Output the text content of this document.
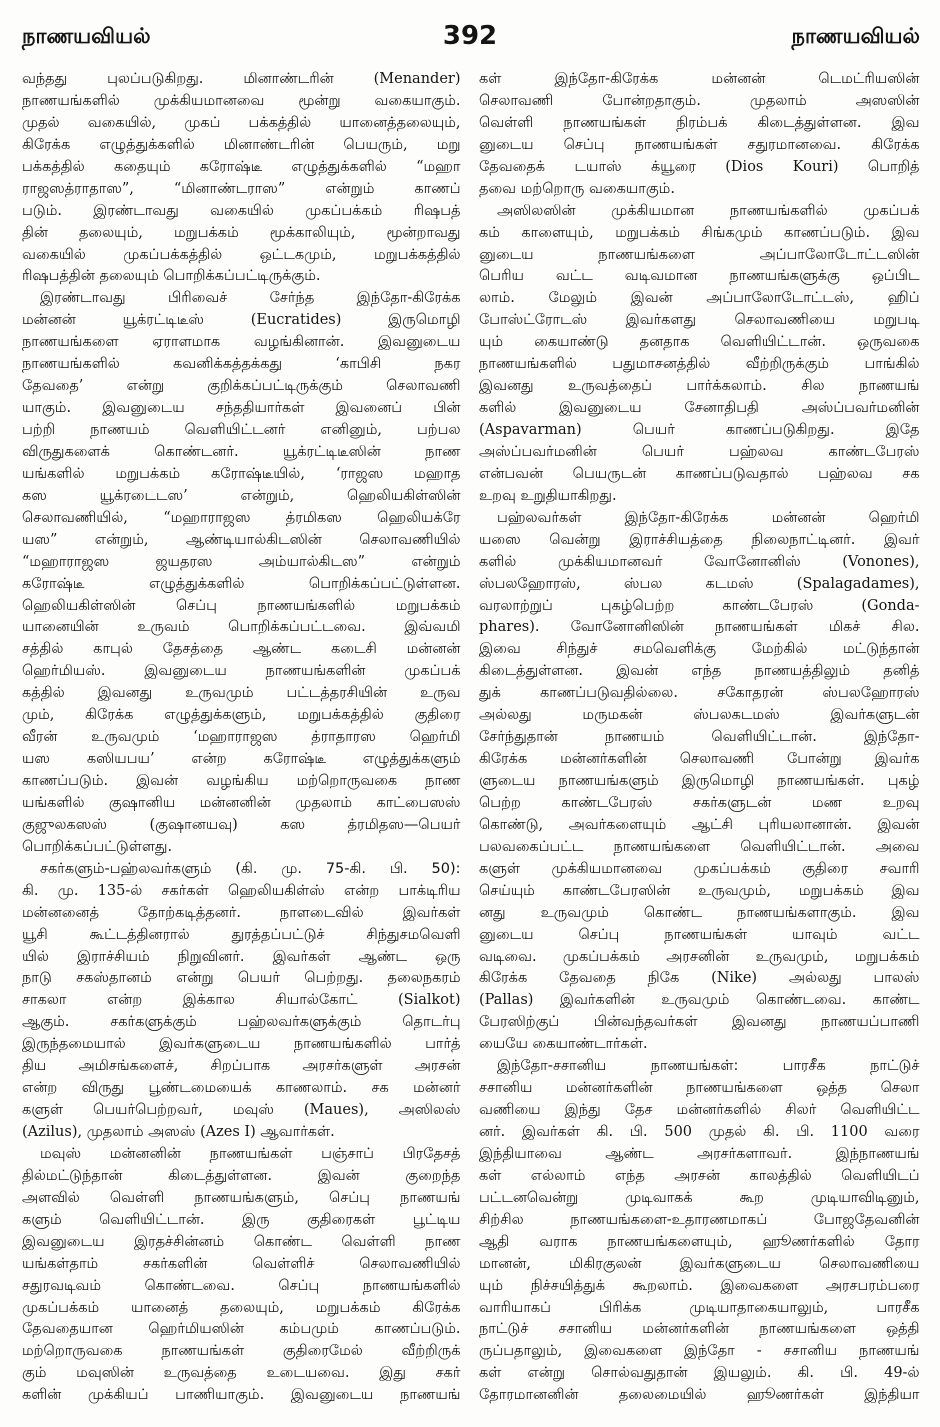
நாணயவியல்	392	நாணயவியல்
வந்தது புலப்படுகிறது. மினாண்டரின் (Menander)
நாணயங்களில் முக்கியமானவை மூன்று வகையாகும்.
முதல் வகையில், முகப் பக்கத்தில் யானைத்தலையும்,
கிரேக்க எழுத்துக்களில் மினாண்டரின் பெயரும், மறு
பக்கத்தில் கதையும் கரோஷ்டீ எழுத்துக்களில் “மஹா
ராஜஸத்ராதாஸ”, “மினாண்டராஸ” என்றும் காணப்
படும். இரண்டாவது வகையில் முகப்பக்கம் ரிஷபத்
தின் தலையும், மறுபக்கம் மூக்காலியும், மூன்றாவது
வகையில் முகப்பக்கத்தில் ஒட்டகமும், மறுபக்கத்தில்
ரிஷபத்தின் தலையும் பொறிக்கப்பட்டிருக்கும்.
இரண்டாவது பிரிவைச் சேர்ந்த இந்தோ-கிரேக்க
மன்னன் யூக்ரட்டிடீஸ் (Eucratides) இருமொழி
நாணயங்களை ஏராளமாக வழங்கினான். இவனுடைய
நாணயங்களில் கவனிக்கத்தக்கது ‘காபிசி நகர
தேவதை’ என்று குறிக்கப்பட்டிருக்கும் செலாவணி
யாகும். இவனுடைய சந்ததியார்கள் இவனைப் பின்
பற்றி நாணயம் வெளியிட்டனர் எனினும், பற்பல
விருதுகளைக் கொண்டனர். யூக்ரட்டிடீஸின் நாண
யங்களில் மறுபக்கம் கரோஷ்டீயில், ‘ராஜஸ மஹாத
கஸ யூக்ரடைடஸ’ என்றும், ஹெலியகிள்ஸின்
செலாவணியில், “மஹாராஜஸ த்ரமிகஸ ஹெலியக்ரே
யஸ” என்றும், ஆண்டியால்கிடஸின் செலாவணியில்
“மஹாராஜஸ ஜயதரஸ அம்யால்கிடஸ” என்றும்
கரோஷ்டீ எழுத்துக்களில் பொறிக்கப்பட்டுள்ளன.
ஹெலியகிள்ஸின் செப்பு நாணயங்களில் மறுபக்கம்
யானையின் உருவம் பொறிக்கப்பட்டவை. இவ்வமி
சத்தில் காபுல் தேசத்தை ஆண்ட கடைசி மன்னன்
ஹெர்மியஸ். இவனுடைய நாணயங்களின் முகப்பக்
கத்தில் இவனது உருவமும் பட்டத்தரசியின் உருவ
மும், கிரேக்க எழுத்துக்களும், மறுபக்கத்தில் குதிரை
வீரன் உருவமும் ‘மஹாராஜஸ த்ராதாரஸ ஹெர்மி
யஸ கஸியபய’ என்ற கரோஷ்டீ எழுத்துக்களும்
காணப்படும். இவன் வழங்கிய மற்றொருவகை நாண
யங்களில் குஷானிய மன்னனின் முதலாம் காட்பைஸஸ்
குஜுலகஸஸ் (குஷானயவு) கஸ த்ரமிதஸ—பெயர்
பொறிக்கப்பட்டுள்ளது.
சகர்களும்-பஹ்லவர்களும் (கி. மு. 75-கி. பி. 50):
கி. மு. 135-ல் சகர்கள் ஹெலியகிள்ஸ் என்ற பாக்டிரிய
மன்னனைத் தோற்கடித்தனர். நாளடைவில் இவர்கள்
யூசி கூட்டத்தினரால் துரத்தப்பட்டுச் சிந்துசமவெளி
யில் இராச்சியம் நிறுவினர். இவர்கள் ஆண்ட ஒரு
நாடு சகஸ்தானம் என்று பெயர் பெற்றது. தலைநகரம்
சாகலா என்ற இக்கால சியால்கோட் (Sialkot)
ஆகும். சகர்களுக்கும் பஹ்லவர்களுக்கும் தொடர்பு
இருந்தமையால் இவர்களுடைய நாணயங்களில் பார்த்
திய அமிசங்களைச், சிறப்பாக அரசர்களுள் அரசன்
என்ற விருது பூண்டமையைக் காணலாம். சக மன்னர்
களுள் பெயர்பெற்றவர், மவுஸ் (Maues), அஸிலஸ்
(Azilus), முதலாம் அஸஸ் (Azes I) ஆவார்கள்.
மவுஸ் மன்னனின் நாணயங்கள் பஞ்சாப் பிரதேசத்
தில்மட்டுந்தான் கிடைத்துள்ளன. இவன் குறைந்த
அளவில் வெள்ளி நாணயங்களும், செப்பு நாணயங்
களும் வெளியிட்டான். இரு குதிரைகள் பூட்டிய
இவனுடைய இரதச்சின்னம் கொண்ட வெள்ளி நாண
யங்கள்தாம் சகர்களின் வெள்ளிச் செலாவணியில்
சதுரவடிவம் கொண்டவை. செப்பு நாணயங்களில்
முகப்பக்கம் யானைத் தலையும், மறுபக்கம் கிரேக்க
தேவதையான ஹெர்மியஸின் கம்பமும் காணப்படும்.
மற்றொருவகை நாணயங்கள் குதிரைமேல் வீற்றிருக்
கும் மவுஸின் உருவத்தை உடையவை. இது சகர்
களின் முக்கியப் பாணியாகும். இவனுடைய நாணயங்
கள் இந்தோ-கிரேக்க மன்னன் டெமட்ரியஸின்
செலாவணி போன்றதாகும். முதலாம் அஸஸின்
வெள்ளி நாணயங்கள் நிரம்பக் கிடைத்துள்ளன. இவ
னுடைய செப்பு நாணயங்கள் சதுரமானவை. கிரேக்க
தேவதைக் டயாஸ் க்யூரை (Dios Kouri) பொறித்
தவை மற்றொரு வகையாகும்.
அஸிலஸின் முக்கியமான நாணயங்களில் முகப்பக்
கம் காளையும், மறுபக்கம் சிங்கமும் காணப்படும். இவ
னுடைய நாணயங்களை அப்பாலோடோட்டஸின்
பெரிய வட்ட வடிவமான நாணயங்களுக்கு ஒப்பிட
லாம். மேலும் இவன் அப்பாலோடோட்டஸ், ஹிப்
போஸ்ட்ரோடஸ் இவர்களது செலாவணியை மறுபடி
யும் கையாண்டு தனதாக வெளியிட்டான். ஒருவகை
நாணயங்களில் பதுமாசனத்தில் வீற்றிருக்கும் பாங்கில்
இவனது உருவத்தைப் பார்க்கலாம். சில நாணயங்
களில் இவனுடைய சேனாதிபதி அஸ்ப்பவர்மனின்
(Aspavarman) பெயர் காணப்படுகிறது. இதே
அஸ்ப்பவர்மனின் பெயர் பஹ்லவ காண்டபேரஸ்
என்பவன் பெயருடன் காணப்படுவதால் பஹ்லவ சக
உறவு உறுதியாகிறது.
பஹ்லவர்கள் இந்தோ-கிரேக்க மன்னன் ஹெர்மி
யஸை வென்று இராச்சியத்தை நிலைநாட்டினர். இவர்
களில் முக்கியமானவர் வோனோனிஸ் (Vonones),
ஸ்பலஹோரஸ், ஸ்பல கடமஸ் (Spalagadames),
வரலாற்றுப் புகழ்பெற்ற காண்டபேரஸ் (Gonda-
phares). வோனோனிஸின் நாணயங்கள் மிகச் சில.
இவை சிந்துச் சமவெளிக்கு மேற்கில் மட்டுந்தான்
கிடைத்துள்ளன. இவன் எந்த நாணயத்திலும் தனித்
துக் காணப்படுவதில்லை. சகோதரன் ஸ்பலஹோரஸ்
அல்லது மருமகன் ஸ்பலகடமஸ் இவர்களுடன்
சேர்ந்துதான் நாணயம் வெளியிட்டான். இந்தோ-
கிரேக்க மன்னர்களின் செலாவணி போன்று இவர்க
ளுடைய நாணயங்களும் இருமொழி நாணயங்கள். புகழ்
பெற்ற காண்டபேரஸ் சகர்களுடன் மண உறவு
கொண்டு, அவர்களையும் ஆட்சி புரியலானான். இவன்
பலவகைப்பட்ட நாணயங்களை வெளியிட்டான். அவை
களுள் முக்கியமானவை முகப்பக்கம் குதிரை சவாரி
செய்யும் காண்டபேரஸின் உருவமும், மறுபக்கம் இவ
னது உருவமும் கொண்ட நாணயங்களாகும். இவ
னுடைய செப்பு நாணயங்கள் யாவும் வட்ட
வடிவை. முகப்பக்கம் அரசனின் உருவமும், மறுபக்கம்
கிரேக்க தேவதை நிகே (Nike) அல்லது பாலஸ்
(Pallas) இவர்களின் உருவமும் கொண்டவை. காண்ட
பேரஸிற்குப் பின்வந்தவர்கள் இவனது நாணயப்பாணி
யையே கையாண்டார்கள்.
இந்தோ-சசானிய நாணயங்கள்:	பாரசீக நாட்டுச்
சசானிய மன்னர்களின் நாணயங்களை ஒத்த செலா
வணியை இந்து தேச மன்னர்களில் சிலர் வெளியிட்ட
னர். இவர்கள் கி. பி. 500 முதல் கி. பி. 1100 வரை
இந்தியாவை ஆண்ட அரசர்களாவர். இந்நாணயங்
கள் எல்லாம் எந்த அரசன் காலத்தில் வெளியிடப்
பட்டனவென்று முடிவாகக் கூற முடியாவிடினும்,
சிற்சில நாணயங்களை-உதாரணமாகப் போஜதேவனின்
ஆதி வராக நாணயங்களையும், ஹூணர்களில் தோர
மானன், மிகிரகுலன் இவர்களுடைய செலாவணியை
யும் நிச்சயித்துக் கூறலாம். இவைகளை அரசபரம்பரை
வாரியாகப் பிரிக்க முடியாதாகையாலும், பாரசீக
நாட்டுச் சசானிய மன்னர்களின் நாணயங்களை ஒத்தி
ருப்பதாலும், இவைகளை இந்தோ - சசானிய நாணயங்
கள் என்று சொல்வதுதான் இயலும். கி. பி. 49-ல்
தோரமானனின் தலைமையில் ஹூணர்கள் இந்தியா
